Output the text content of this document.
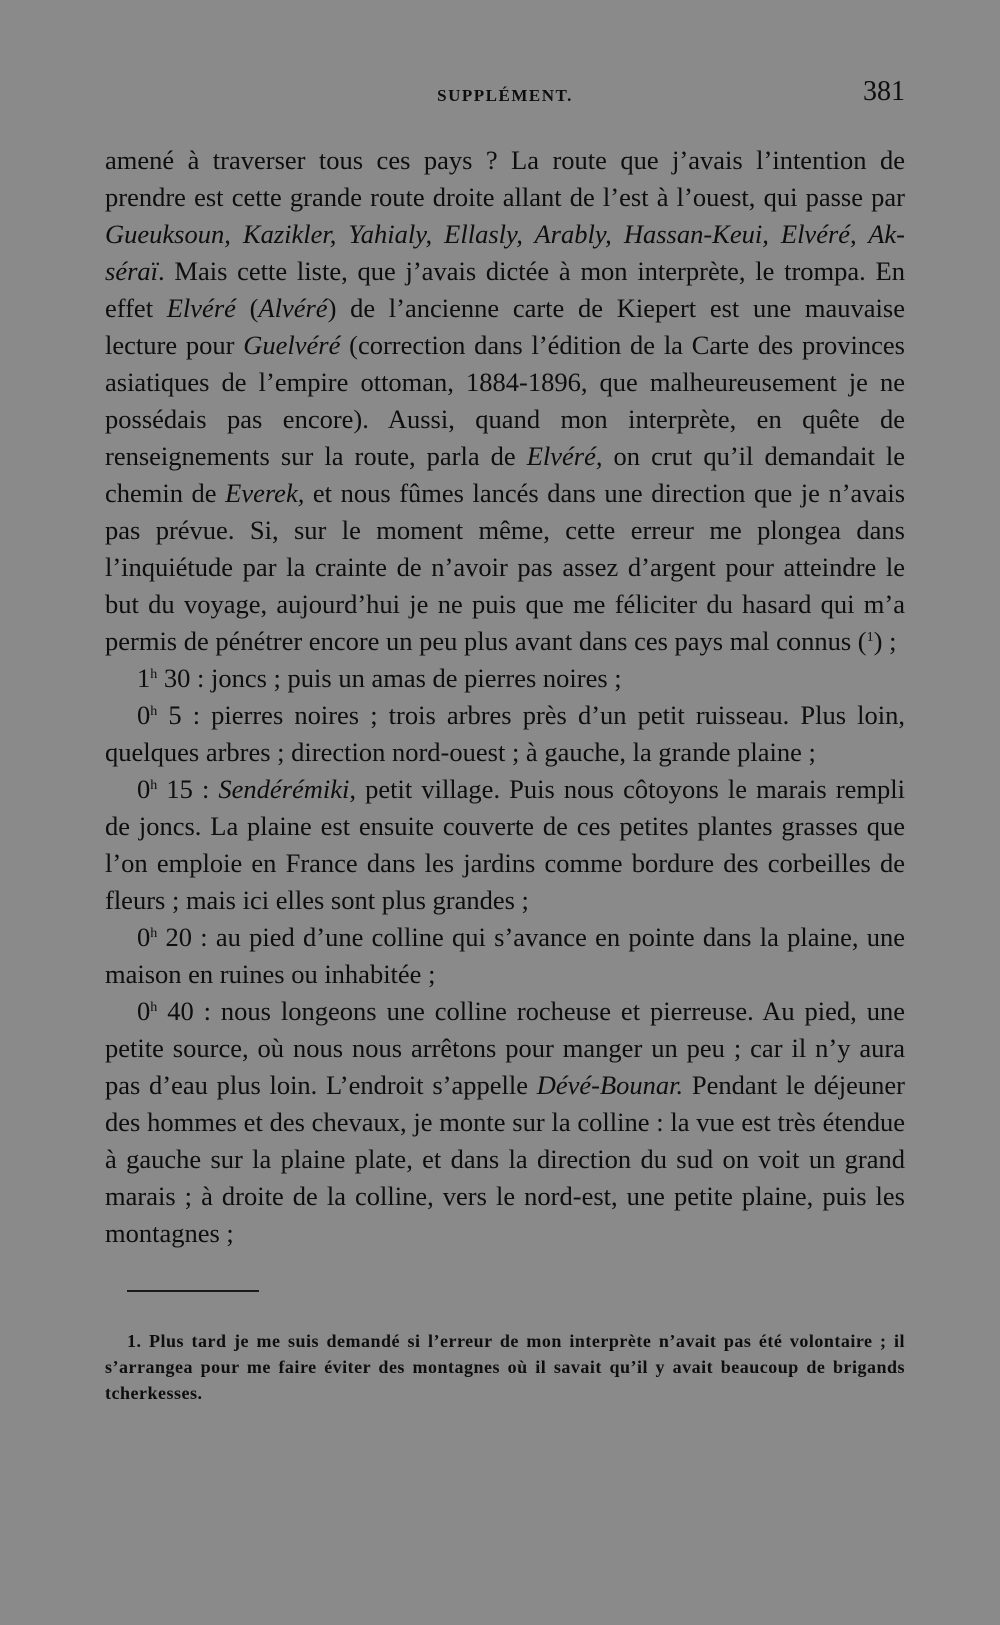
SUPPLÉMENT.	381

amené à traverser tous ces pays ? La route que j’avais l’intention de prendre est cette grande route droite allant de l’est à l’ouest, qui passe par Gueuksoun, Kazikler, Yahialy, Ellasly, Arably, Hassan-Keui, Elvéré, Ak-séraï. Mais cette liste, que j’avais dictée à mon interprète, le trompa. En effet Elvéré (Alvéré) de l’ancienne carte de Kiepert est une mauvaise lecture pour Guelvéré (correction dans l’édition de la Carte des provinces asiatiques de l’empire ottoman, 1884-1896, que malheureusement je ne possédais pas encore). Aussi, quand mon interprète, en quête de renseignements sur la route, parla de Elvéré, on crut qu’il demandait le chemin de Everek, et nous fûmes lancés dans une direction que je n’avais pas prévue. Si, sur le moment même, cette erreur me plongea dans l’inquiétude par la crainte de n’avoir pas assez d’argent pour atteindre le but du voyage, aujourd’hui je ne puis que me féliciter du hasard qui m’a permis de pénétrer encore un peu plus avant dans ces pays mal connus ($^1$) ;

1$^h$ 30 : joncs ; puis un amas de pierres noires ;

0$^h$ 5 : pierres noires ; trois arbres près d’un petit ruisseau. Plus loin, quelques arbres ; direction nord-ouest ; à gauche, la grande plaine ;

0$^h$ 15 : Sendérémiki, petit village. Puis nous côtoyons le marais rempli de joncs. La plaine est ensuite couverte de ces petites plantes grasses que l’on emploie en France dans les jardins comme bordure des corbeilles de fleurs ; mais ici elles sont plus grandes ;

0$^h$ 20 : au pied d’une colline qui s’avance en pointe dans la plaine, une maison en ruines ou inhabitée ;

0$^h$ 40 : nous longeons une colline rocheuse et pierreuse. Au pied, une petite source, où nous nous arrêtons pour manger un peu ; car il n’y aura pas d’eau plus loin. L’endroit s’appelle Dévé-Bounar. Pendant le déjeuner des hommes et des chevaux, je monte sur la colline : la vue est très étendue à gauche sur la plaine plate, et dans la direction du sud on voit un grand marais ; à droite de la colline, vers le nord-est, une petite plaine, puis les montagnes ;

1. Plus tard je me suis demandé si l’erreur de mon interprète n’avait pas été volontaire ; il s’arrangea pour me faire éviter des montagnes où il savait qu’il y avait beaucoup de brigands tcherkesses.
